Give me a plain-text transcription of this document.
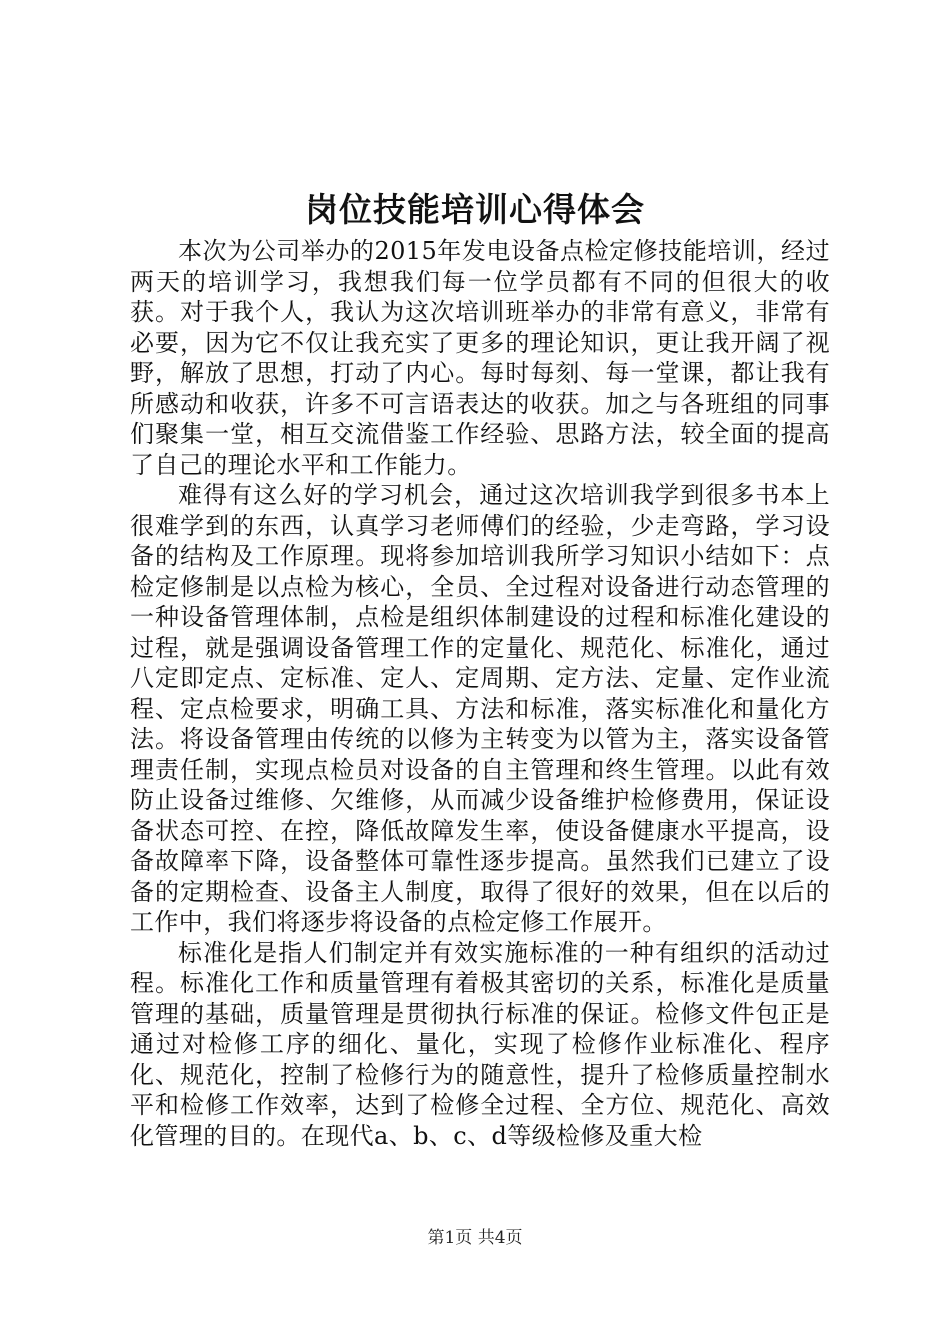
岗位技能培训心得体会

本次为公司举办的2015年发电设备点检定修技能培训，经过两天的培训学习，我想我们每一位学员都有不同的但很大的收获。对于我个人，我认为这次培训班举办的非常有意义，非常有必要，因为它不仅让我充实了更多的理论知识，更让我开阔了视野，解放了思想，打动了内心。每时每刻、每一堂课，都让我有所感动和收获，许多不可言语表达的收获。加之与各班组的同事们聚集一堂，相互交流借鉴工作经验、思路方法，较全面的提高了自己的理论水平和工作能力。

难得有这么好的学习机会，通过这次培训我学到很多书本上很难学到的东西，认真学习老师傅们的经验，少走弯路，学习设备的结构及工作原理。现将参加培训我所学习知识小结如下：点检定修制是以点检为核心，全员、全过程对设备进行动态管理的一种设备管理体制，点检是组织体制建设的过程和标准化建设的过程，就是强调设备管理工作的定量化、规范化、标准化，通过八定即定点、定标准、定人、定周期、定方法、定量、定作业流程、定点检要求，明确工具、方法和标准，落实标准化和量化方法。将设备管理由传统的以修为主转变为以管为主，落实设备管理责任制，实现点检员对设备的自主管理和终生管理。以此有效防止设备过维修、欠维修，从而减少设备维护检修费用，保证设备状态可控、在控，降低故障发生率，使设备健康水平提高，设备故障率下降，设备整体可靠性逐步提高。虽然我们已建立了设备的定期检查、设备主人制度，取得了很好的效果，但在以后的工作中，我们将逐步将设备的点检定修工作展开。

标准化是指人们制定并有效实施标准的一种有组织的活动过程。标准化工作和质量管理有着极其密切的关系，标准化是质量管理的基础，质量管理是贯彻执行标准的保证。检修文件包正是通过对检修工序的细化、量化，实现了检修作业标准化、程序化、规范化，控制了检修行为的随意性，提升了检修质量控制水平和检修工作效率，达到了检修全过程、全方位、规范化、高效化管理的目的。在现代a、b、c、d等级检修及重大检

第1页 共4页
